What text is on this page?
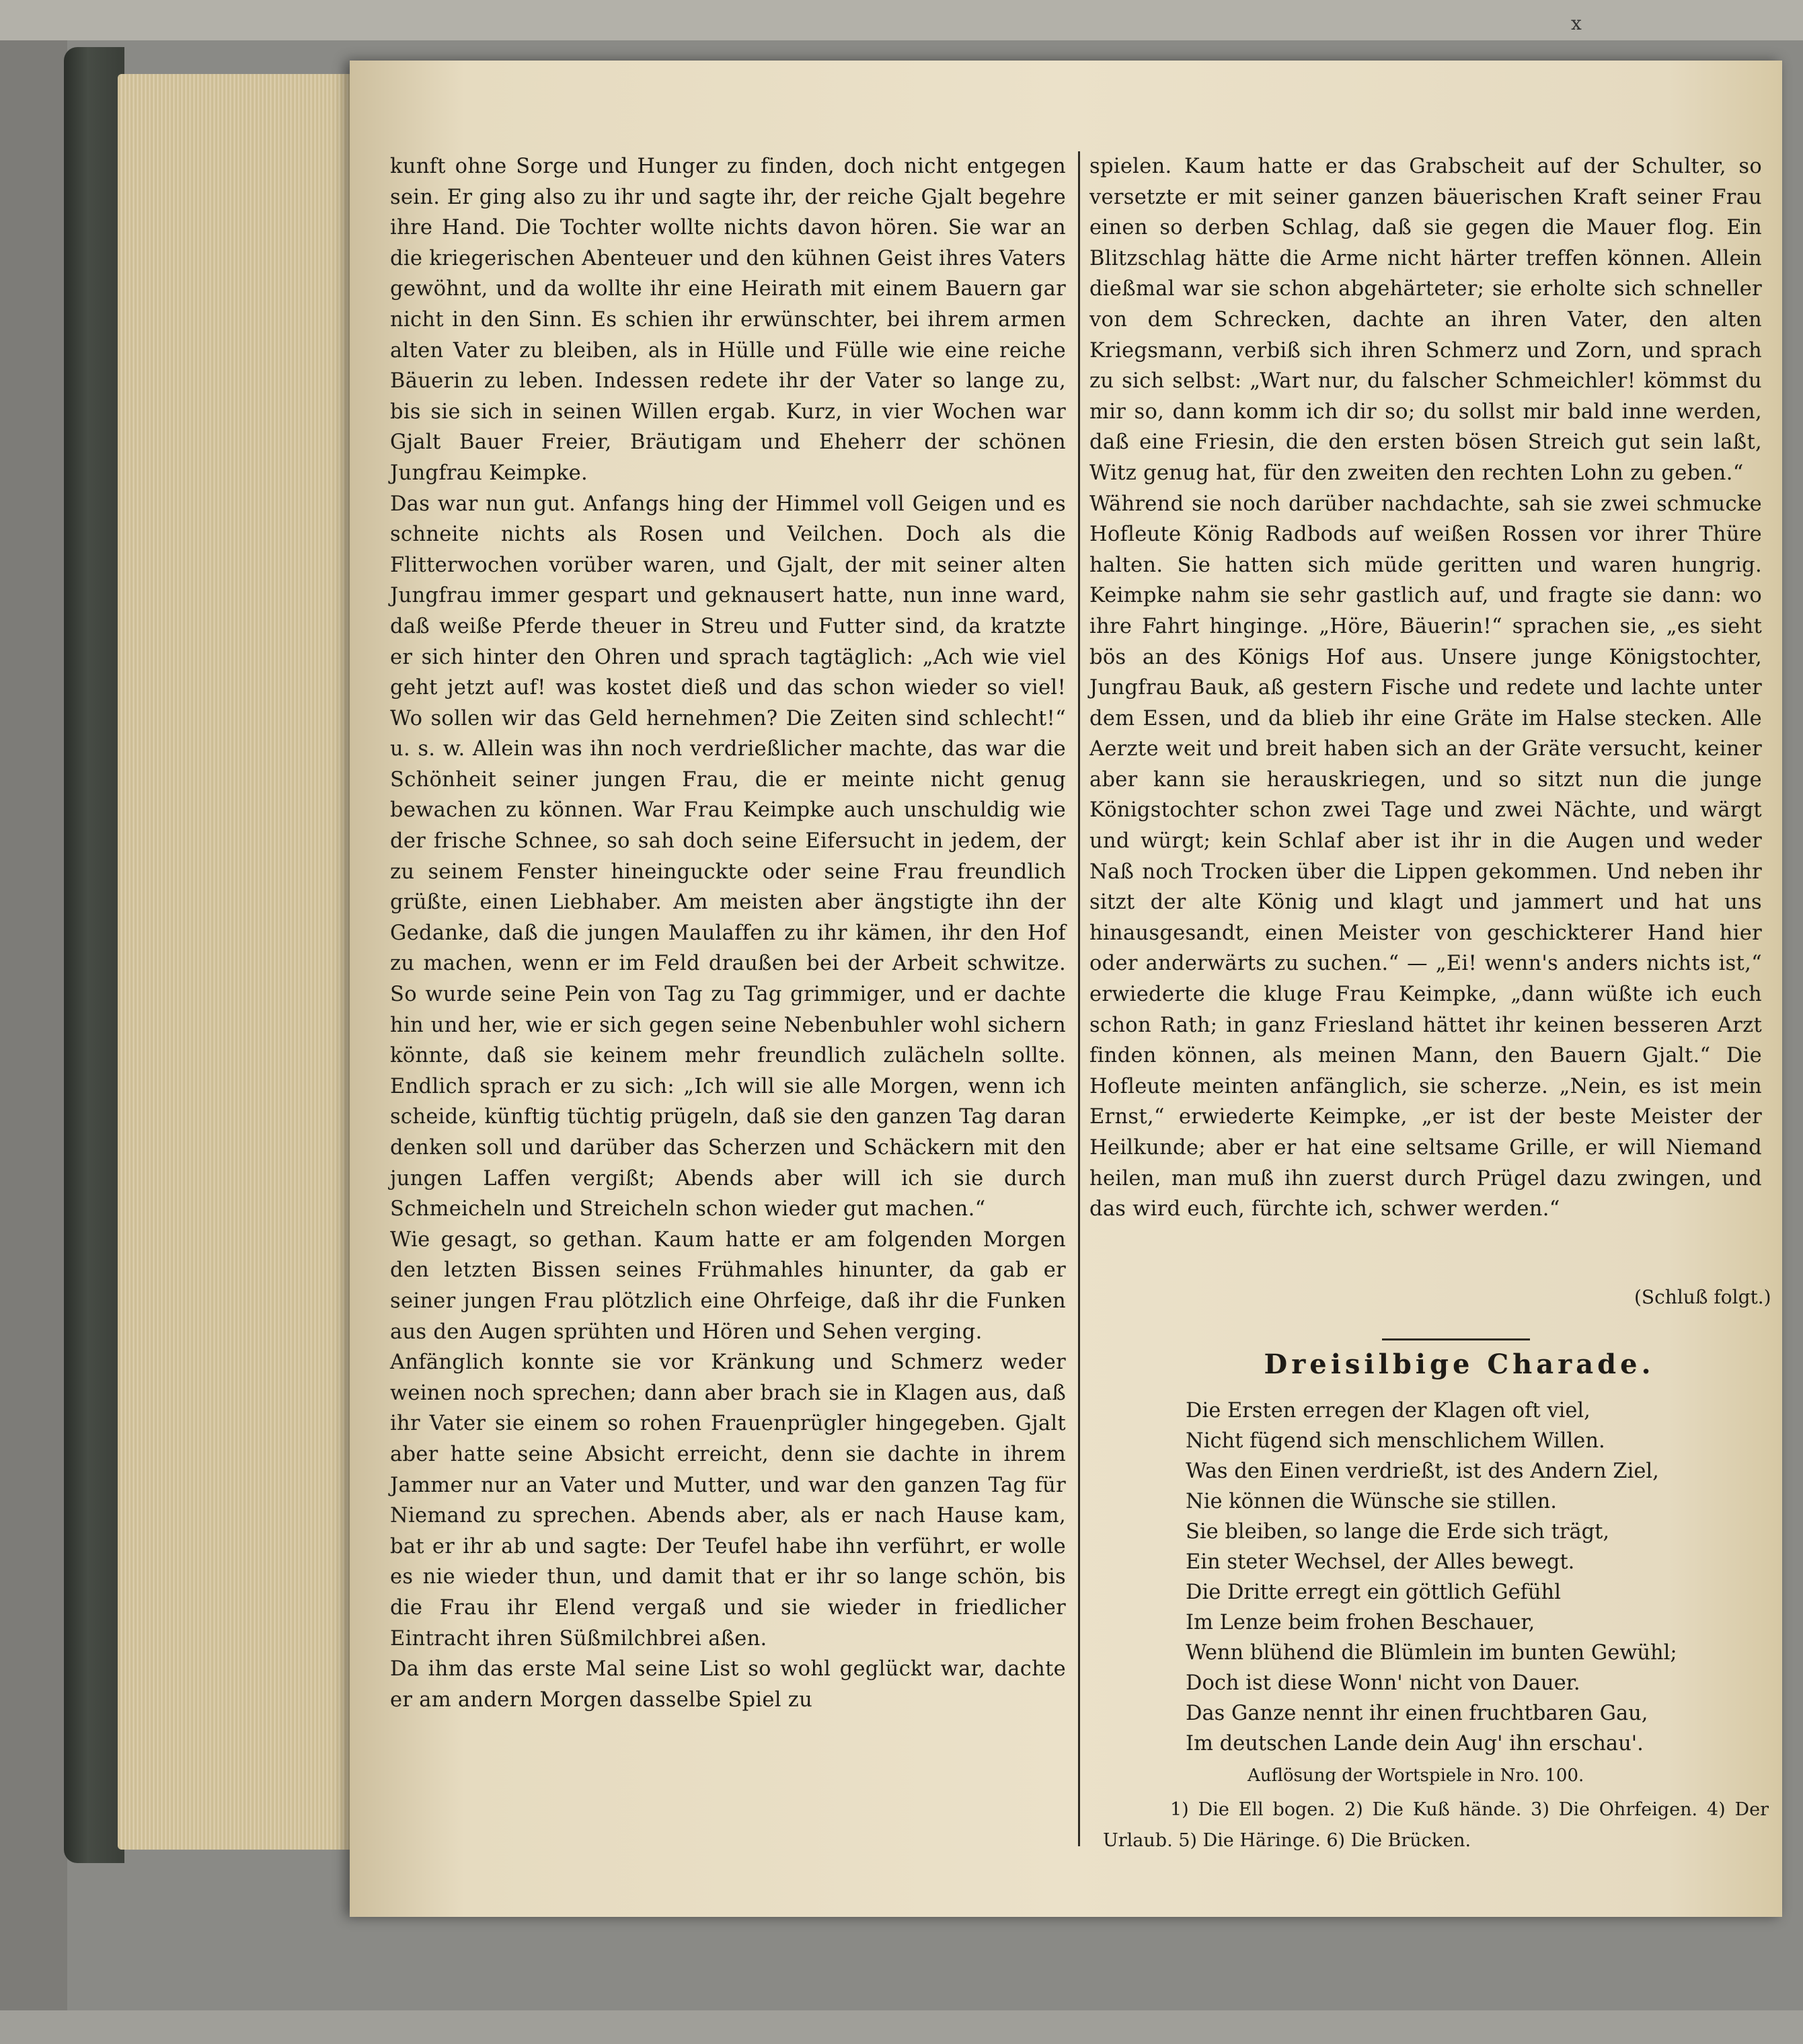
x
kunft ohne Sorge und Hunger zu finden, doch nicht entgegen sein. Er ging also zu ihr und sagte ihr, der reiche Gjalt begehre ihre Hand. Die Tochter wollte nichts davon hören. Sie war an die kriegerischen Abenteuer und den kühnen Geist ihres Vaters gewöhnt, und da wollte ihr eine Heirath mit einem Bauern gar nicht in den Sinn. Es schien ihr erwünschter, bei ihrem armen alten Vater zu bleiben, als in Hülle und Fülle wie eine reiche Bäuerin zu leben. Indessen redete ihr der Vater so lange zu, bis sie sich in seinen Willen ergab. Kurz, in vier Wochen war Gjalt Bauer Freier, Bräutigam und Eheherr der schönen Jungfrau Keimpke.
Das war nun gut. Anfangs hing der Himmel voll Geigen und es schneite nichts als Rosen und Veilchen. Doch als die Flitterwochen vorüber waren, und Gjalt, der mit seiner alten Jungfrau immer gespart und geknausert hatte, nun inne ward, daß weiße Pferde theuer in Streu und Futter sind, da kratzte er sich hinter den Ohren und sprach tagtäglich: „Ach wie viel geht jetzt auf! was kostet dieß und das schon wieder so viel! Wo sollen wir das Geld hernehmen? Die Zeiten sind schlecht!“ u. s. w. Allein was ihn noch verdrießlicher machte, das war die Schönheit seiner jungen Frau, die er meinte nicht genug bewachen zu können. War Frau Keimpke auch unschuldig wie der frische Schnee, so sah doch seine Eifersucht in jedem, der zu seinem Fenster hineinguckte oder seine Frau freundlich grüßte, einen Liebhaber. Am meisten aber ängstigte ihn der Gedanke, daß die jungen Maulaffen zu ihr kämen, ihr den Hof zu machen, wenn er im Feld draußen bei der Arbeit schwitze. So wurde seine Pein von Tag zu Tag grimmiger, und er dachte hin und her, wie er sich gegen seine Nebenbuhler wohl sichern könnte, daß sie keinem mehr freundlich zulächeln sollte. Endlich sprach er zu sich: „Ich will sie alle Morgen, wenn ich scheide, künftig tüchtig prügeln, daß sie den ganzen Tag daran denken soll und darüber das Scherzen und Schäckern mit den jungen Laffen vergißt; Abends aber will ich sie durch Schmeicheln und Streicheln schon wieder gut machen.“
Wie gesagt, so gethan. Kaum hatte er am folgenden Morgen den letzten Bissen seines Frühmahles hinunter, da gab er seiner jungen Frau plötzlich eine Ohrfeige, daß ihr die Funken aus den Augen sprühten und Hören und Sehen verging.
Anfänglich konnte sie vor Kränkung und Schmerz weder weinen noch sprechen; dann aber brach sie in Klagen aus, daß ihr Vater sie einem so rohen Frauenprügler hingegeben. Gjalt aber hatte seine Absicht erreicht, denn sie dachte in ihrem Jammer nur an Vater und Mutter, und war den ganzen Tag für Niemand zu sprechen. Abends aber, als er nach Hause kam, bat er ihr ab und sagte: Der Teufel habe ihn verführt, er wolle es nie wieder thun, und damit that er ihr so lange schön, bis die Frau ihr Elend vergaß und sie wieder in friedlicher Eintracht ihren Süßmilchbrei aßen.
Da ihm das erste Mal seine List so wohl geglückt war, dachte er am andern Morgen dasselbe Spiel zu
spielen. Kaum hatte er das Grabscheit auf der Schulter, so versetzte er mit seiner ganzen bäuerischen Kraft seiner Frau einen so derben Schlag, daß sie gegen die Mauer flog. Ein Blitzschlag hätte die Arme nicht härter treffen können. Allein dießmal war sie schon abgehärteter; sie erholte sich schneller von dem Schrecken, dachte an ihren Vater, den alten Kriegsmann, verbiß sich ihren Schmerz und Zorn, und sprach zu sich selbst: „Wart nur, du falscher Schmeichler! kömmst du mir so, dann komm ich dir so; du sollst mir bald inne werden, daß eine Friesin, die den ersten bösen Streich gut sein laßt, Witz genug hat, für den zweiten den rechten Lohn zu geben.“
Während sie noch darüber nachdachte, sah sie zwei schmucke Hofleute König Radbods auf weißen Rossen vor ihrer Thüre halten. Sie hatten sich müde geritten und waren hungrig. Keimpke nahm sie sehr gastlich auf, und fragte sie dann: wo ihre Fahrt hinginge. „Höre, Bäuerin!“ sprachen sie, „es sieht bös an des Königs Hof aus. Unsere junge Königstochter, Jungfrau Bauk, aß gestern Fische und redete und lachte unter dem Essen, und da blieb ihr eine Gräte im Halse stecken. Alle Aerzte weit und breit haben sich an der Gräte versucht, keiner aber kann sie herauskriegen, und so sitzt nun die junge Königstochter schon zwei Tage und zwei Nächte, und wärgt und würgt; kein Schlaf aber ist ihr in die Augen und weder Naß noch Trocken über die Lippen gekommen. Und neben ihr sitzt der alte König und klagt und jammert und hat uns hinausgesandt, einen Meister von geschickterer Hand hier oder anderwärts zu suchen.“ — „Ei! wenn's anders nichts ist,“ erwiederte die kluge Frau Keimpke, „dann wüßte ich euch schon Rath; in ganz Friesland hättet ihr keinen besseren Arzt finden können, als meinen Mann, den Bauern Gjalt.“ Die Hofleute meinten anfänglich, sie scherze. „Nein, es ist mein Ernst,“ erwiederte Keimpke, „er ist der beste Meister der Heilkunde; aber er hat eine seltsame Grille, er will Niemand heilen, man muß ihn zuerst durch Prügel dazu zwingen, und das wird euch, fürchte ich, schwer werden.“
(Schluß folgt.)
Dreisilbige Charade.
Die Ersten erregen der Klagen oft viel,
Nicht fügend sich menschlichem Willen.
Was den Einen verdrießt, ist des Andern Ziel,
Nie können die Wünsche sie stillen.
Sie bleiben, so lange die Erde sich trägt,
Ein steter Wechsel, der Alles bewegt.
Die Dritte erregt ein göttlich Gefühl
Im Lenze beim frohen Beschauer,
Wenn blühend die Blümlein im bunten Gewühl;
Doch ist diese Wonn' nicht von Dauer.
Das Ganze nennt ihr einen fruchtbaren Gau,
Im deutschen Lande dein Aug' ihn erschau'.
Auflösung der Wortspiele in Nro. 100.
1) Die Ell bogen. 2) Die Kuß hände. 3) Die Ohrfeigen. 4) Der Urlaub. 5) Die Häringe. 6) Die Brücken.
